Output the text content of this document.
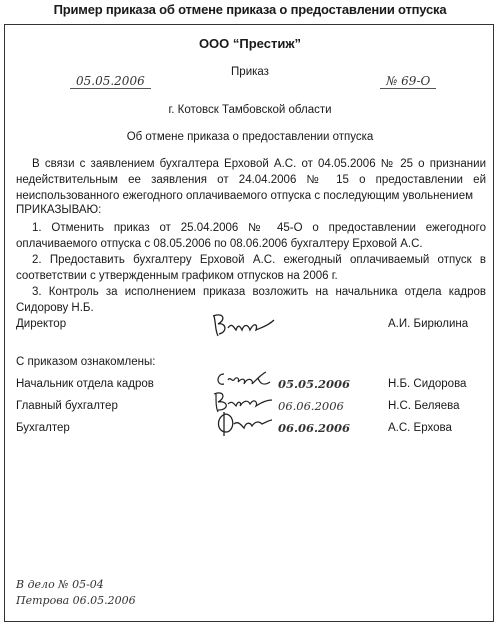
Пример приказа об отмене приказа о предоставлении отпуска
ООО “Престиж”
Приказ
05.05.2006	№ 69-О
г. Котовск Тамбовской области
Об отмене приказа о предоставлении отпуска
В связи с заявлением бухгалтера Ерховой А.С. от 04.05.2006 № 25 о признании недействительным ее заявления от 24.04.2006 № 15 о предоставлении ей неиспользованного ежегодного оплачиваемого отпуска с последующим увольнением
ПРИКАЗЫВАЮ:
1. Отменить приказ от 25.04.2006 № 45-О о предоставлении ежегодного оплачиваемого отпуска с 08.05.2006 по 08.06.2006 бухгалтеру Ерховой А.С.
2. Предоставить бухгалтеру Ерховой А.С. ежегодный оплачиваемый отпуск в соответствии с утвержденным графиком отпусков на 2006 г.
3. Контроль за исполнением приказа возложить на начальника отдела кадров Сидорову Н.Б.
Директор	А.И. Бирюлина
С приказом ознакомлены:
Начальник отдела кадров	05.05.2006	Н.Б. Сидорова
Главный бухгалтер	06.06.2006	Н.С. Беляева
Бухгалтер	06.06.2006	А.С. Ерхова
В дело № 05-04
Петрова 06.05.2006
